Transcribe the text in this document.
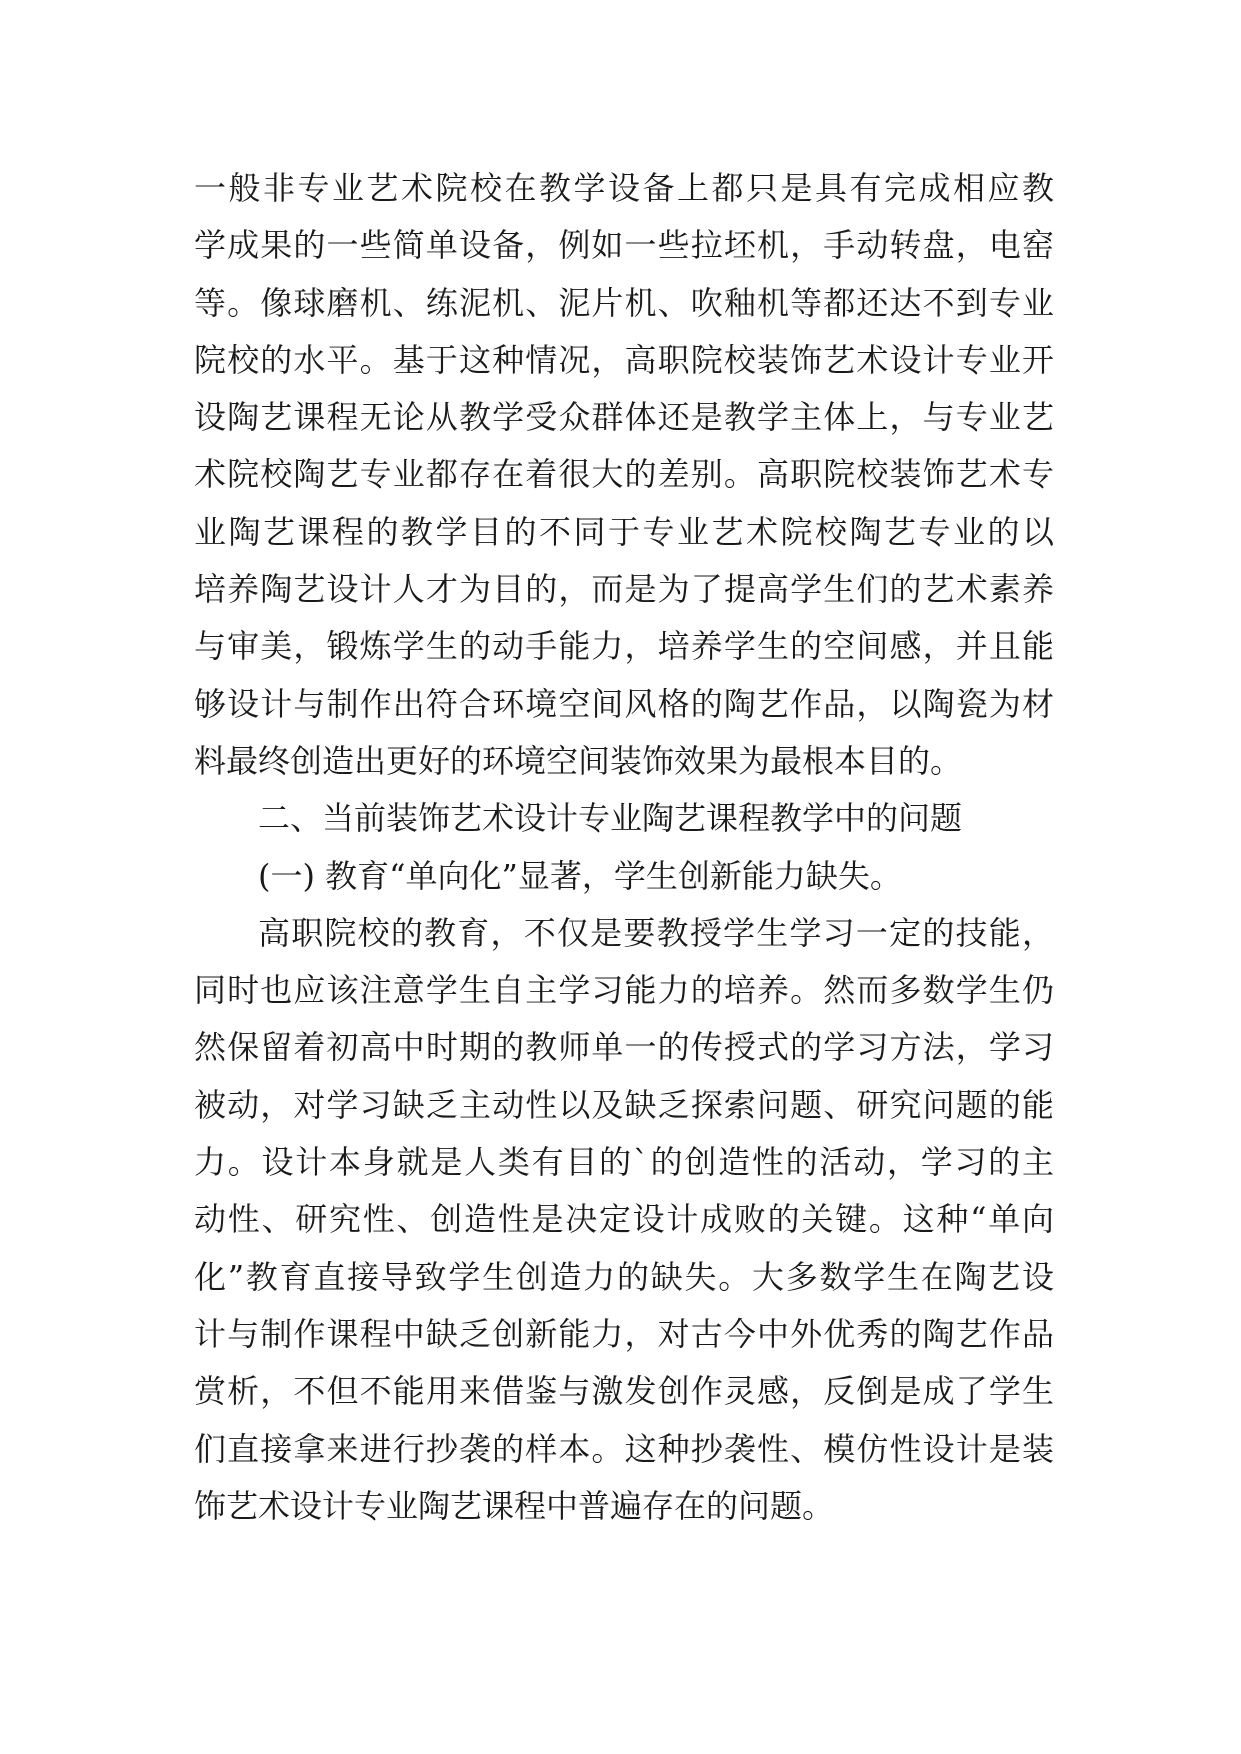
一般非专业艺术院校在教学设备上都只是具有完成相应教
学成果的一些简单设备，例如一些拉坯机，手动转盘，电窑
等。像球磨机、练泥机、泥片机、吹釉机等都还达不到专业
院校的水平。基于这种情况，高职院校装饰艺术设计专业开
设陶艺课程无论从教学受众群体还是教学主体上，与专业艺
术院校陶艺专业都存在着很大的差别。高职院校装饰艺术专
业陶艺课程的教学目的不同于专业艺术院校陶艺专业的以
培养陶艺设计人才为目的，而是为了提高学生们的艺术素养
与审美，锻炼学生的动手能力，培养学生的空间感，并且能
够设计与制作出符合环境空间风格的陶艺作品，以陶瓷为材
料最终创造出更好的环境空间装饰效果为最根本目的。
二、当前装饰艺术设计专业陶艺课程教学中的问题
(一) 教育“单向化”显著，学生创新能力缺失。
高职院校的教育，不仅是要教授学生学习一定的技能，
同时也应该注意学生自主学习能力的培养。然而多数学生仍
然保留着初高中时期的教师单一的传授式的学习方法，学习
被动，对学习缺乏主动性以及缺乏探索问题、研究问题的能
力。设计本身就是人类有目的`的创造性的活动，学习的主
动性、研究性、创造性是决定设计成败的关键。这种“单向
化”教育直接导致学生创造力的缺失。大多数学生在陶艺设
计与制作课程中缺乏创新能力，对古今中外优秀的陶艺作品
赏析，不但不能用来借鉴与激发创作灵感，反倒是成了学生
们直接拿来进行抄袭的样本。这种抄袭性、模仿性设计是装
饰艺术设计专业陶艺课程中普遍存在的问题。
